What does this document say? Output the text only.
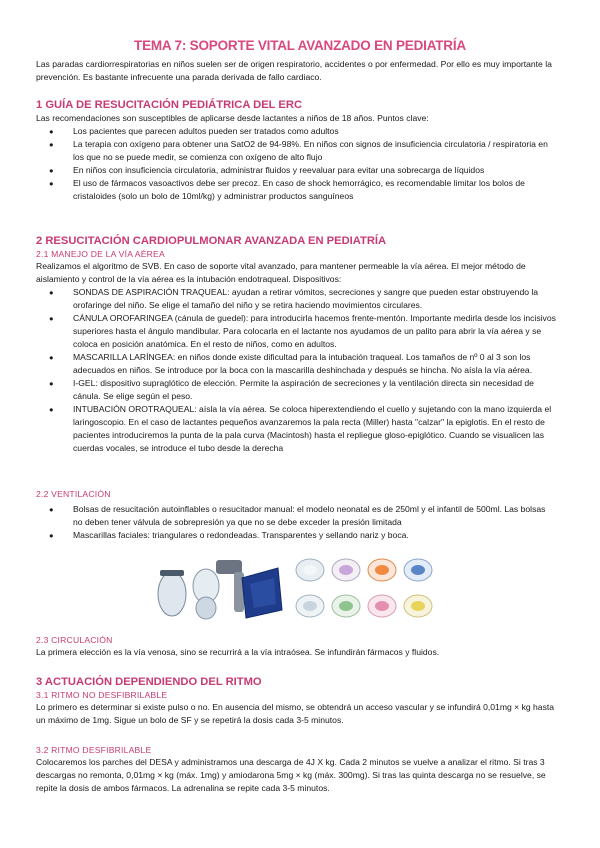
TEMA 7: SOPORTE VITAL AVANZADO EN PEDIATRÍA

Las paradas cardiorrespiratorias en niños suelen ser de origen respiratorio, accidentes o por enfermedad. Por ello es muy importante la prevención. Es bastante infrecuente una parada derivada de fallo cardiaco.

1 GUÍA DE RESUCITACIÓN PEDIÁTRICA DEL ERC

Las recomendaciones son susceptibles de aplicarse desde lactantes a niños de 18 años. Puntos clave:

● Los pacientes que parecen adultos pueden ser tratados como adultos
● La terapia con oxígeno para obtener una SatO2 de 94-98%. En niños con signos de insuficiencia circulatoria / respiratoria en los que no se puede medir, se comienza con oxígeno de alto flujo
● En niños con insuficiencia circulatoria, administrar fluidos y reevaluar para evitar una sobrecarga de líquidos
● El uso de fármacos vasoactivos debe ser precoz. En caso de shock hemorrágico, es recomendable limitar los bolos de cristaloides (solo un bolo de 10ml/kg) y administrar productos sanguíneos
2 RESUCITACIÓN CARDIOPULMONAR AVANZADA EN PEDIATRÍA
2.1 MANEJO DE LA VÍA AÉREA

Realizamos el algoritmo de SVB. En caso de soporte vital avanzado, para mantener permeable la vía aérea. El mejor método de aislamiento y control de la vía aérea es la intubación endotraqueal. Dispositivos:

● SONDAS DE ASPIRACIÓN TRAQUEAL: ayudan a retirar vómitos, secreciones y sangre que pueden estar obstruyendo la orofaringe del niño. Se elige el tamaño del niño y se retira haciendo movimientos circulares.
● CÁNULA OROFARINGEA (cánula de guedel): para introducirla hacemos frente-mentón. Importante medirla desde los incisivos superiores hasta el ángulo mandibular. Para colocarla en el lactante nos ayudamos de un palito para abrir la vía aérea y se coloca en posición anatómica. En el resto de niños, como en adultos.
● MASCARILLA LARÍNGEA: en niños donde existe dificultad para la intubación traqueal. Los tamaños de nº 0 al 3 son los adecuados en niños. Se introduce por la boca con la mascarilla deshinchada y después se hincha. No aísla la vía aérea.
● I-GEL: dispositivo supraglótico de elección. Permite la aspiración de secreciones y la ventilación directa sin necesidad de cánula. Se elige según el peso.
● INTUBACIÓN OROTRAQUEAL: aísla la vía aérea. Se coloca hiperextendiendo el cuello y sujetando con la mano izquierda el laringoscopio. En el caso de lactantes pequeños avanzaremos la pala recta (Miller) hasta "calzar" la epiglotis. En el resto de pacientes introduciremos la punta de la pala curva (Macintosh) hasta el repliegue gloso-epiglótico. Cuando se visualicen las cuerdas vocales, se introduce el tubo desde la derecha
2.2 VENTILACIÓN
● Bolsas de resucitación autoinflables o resucitador manual: el modelo neonatal es de 250ml y el infantil de 500ml. Las bolsas no deben tener válvula de sobrepresión ya que no se debe exceder la presión limitada
● Mascarillas faciales: triangulares o redondeadas. Transparentes y sellando nariz y boca.
2.3 CIRCULACIÓN

La primera elección es la vía venosa, sino se recurrirá a la vía intraósea. Se infundirán fármacos y fluidos.

3 ACTUACIÓN DEPENDIENDO DEL RITMO
3.1 RITMO NO DESFIBRILABLE

Lo primero es determinar si existe pulso o no. En ausencia del mismo, se obtendrá un acceso vascular y se infundirá 0,01mg × kg hasta un máximo de 1mg. Sigue un bolo de SF y se repetirá la dosis cada 3-5 minutos.

3.2 RITMO DESFIBRILABLE

Colocaremos los parches del DESA y administramos una descarga de 4J X kg. Cada 2 minutos se vuelve a analizar el ritmo. Si tras 3 descargas no remonta, 0,01mg × kg (máx. 1mg) y amiodarona 5mg × kg (máx. 300mg). Si tras las quinta descarga no se resuelve, se repite la dosis de ambos fármacos. La adrenalina se repite cada 3-5 minutos.
